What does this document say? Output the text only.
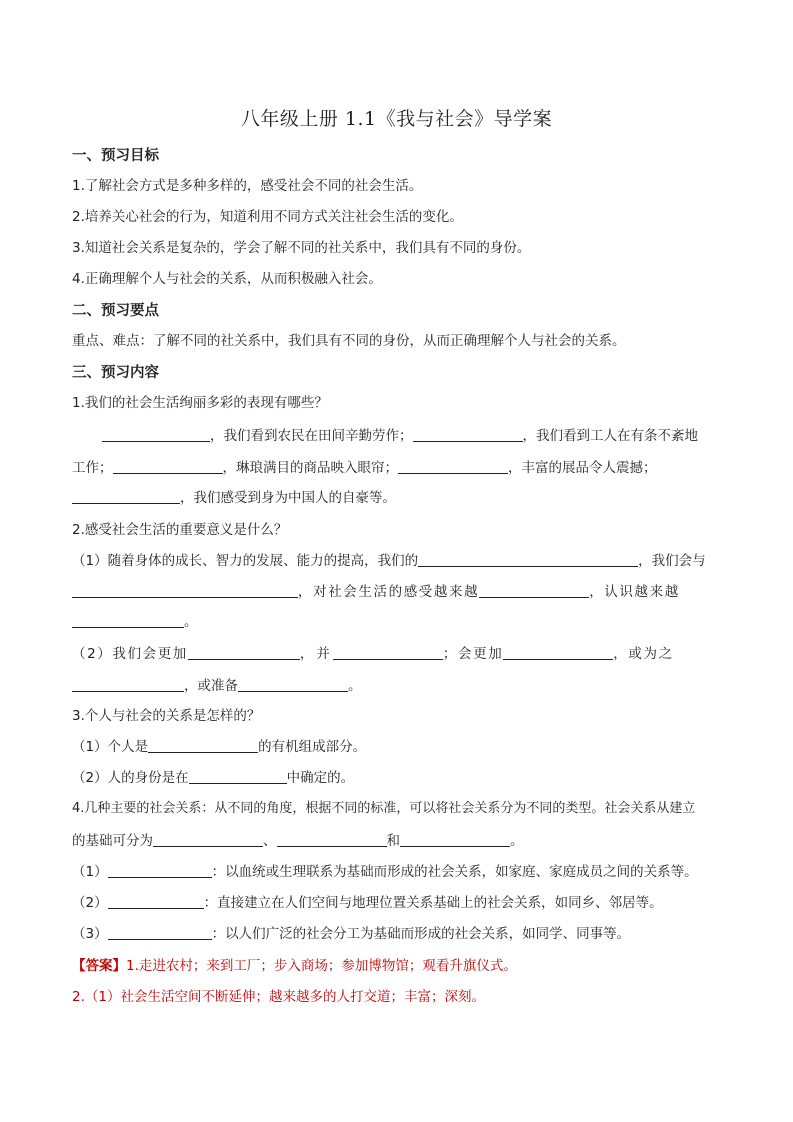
八年级上册 1.1《我与社会》导学案
一、预习目标
1.了解社会方式是多种多样的，感受社会不同的社会生活。
2.培养关心社会的行为，知道利用不同方式关注社会生活的变化。
3.知道社会关系是复杂的，学会了解不同的社关系中，我们具有不同的身份。
4.正确理解个人与社会的关系，从而积极融入社会。
二、预习要点
重点、难点：了解不同的社关系中，我们具有不同的身份，从而正确理解个人与社会的关系。
三、预习内容
1.我们的社会生活绚丽多彩的表现有哪些？
，我们看到农民在田间辛勤劳作；	，我们看到工人在有条不紊地
工作；	，琳琅满目的商品映入眼帘；	，丰富的展品令人震撼；
，我们感受到身为中国人的自豪等。
2.感受社会生活的重要意义是什么？
（1）随着身体的成长、智力的发展、能力的提高，我们的	，我们会与
，对社会生活的感受越来越	，认识越来越
。
（2）我们会更加	，并	；会更加	，或为之
，或准备	。
3.个人与社会的关系是怎样的？
（1）个人是	的有机组成部分。
（2）人的身份是在	中确定的。
4.几种主要的社会关系：从不同的角度，根据不同的标准，可以将社会关系分为不同的类型。社会关系从建立
的基础可分为	、	和	。
（1）	：以血统或生理联系为基础而形成的社会关系，如家庭、家庭成员之间的关系等。
（2）	：直接建立在人们空间与地理位置关系基础上的社会关系，如同乡、邻居等。
（3）	：以人们广泛的社会分工为基础而形成的社会关系，如同学、同事等。
【答案】1.走进农村；来到工厂；步入商场；参加博物馆；观看升旗仪式。
2.（1）社会生活空间不断延伸；越来越多的人打交道；丰富；深刻。
